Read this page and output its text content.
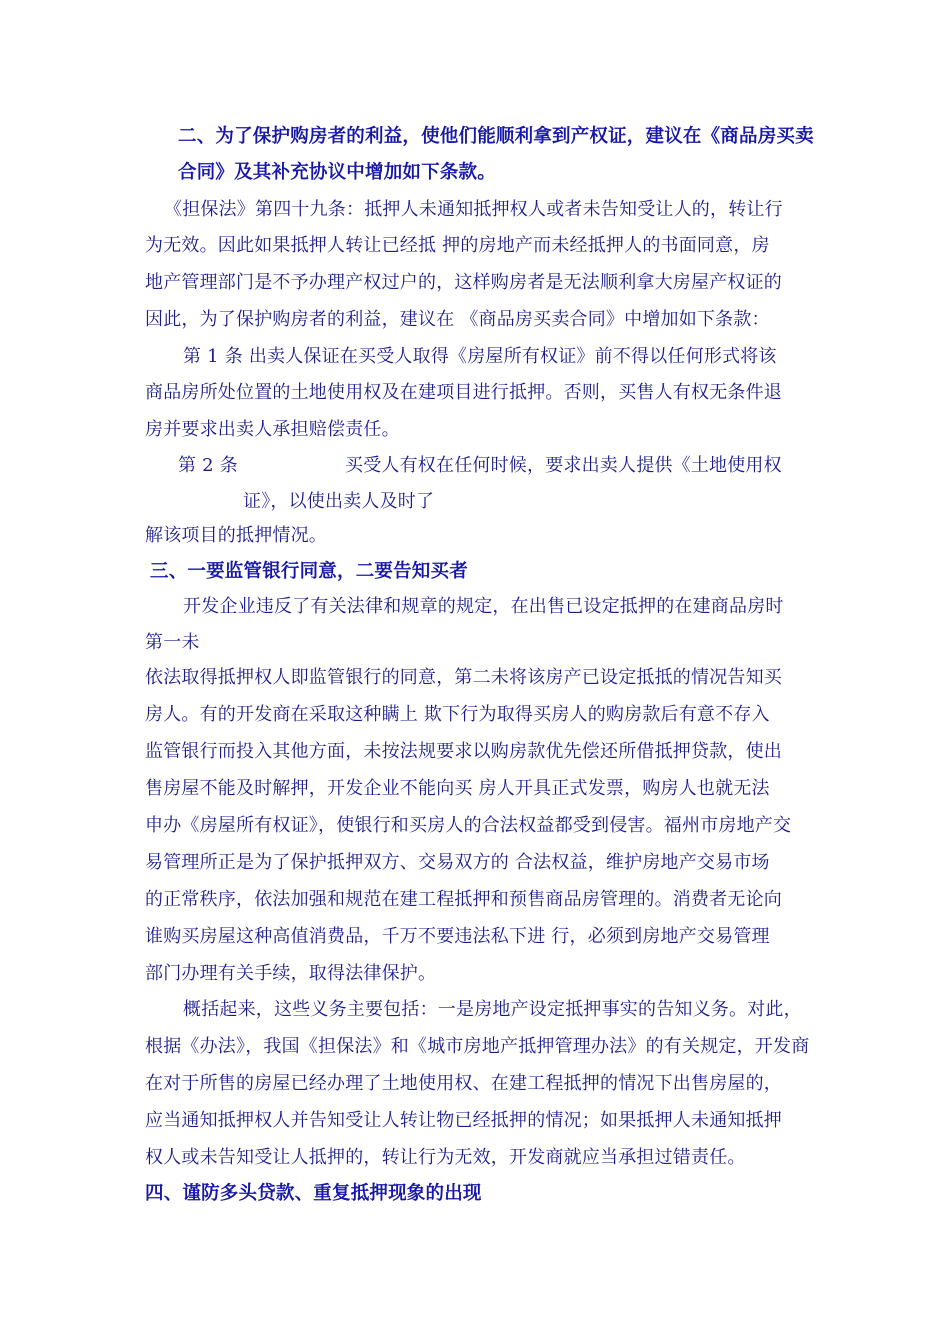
二、为了保护购房者的利益，使他们能顺利拿到产权证，建议在《商品房买卖
合同》及其补充协议中增加如下条款。
《担保法》第四十九条：抵押人未通知抵押权人或者未告知受让人的，转让行
为无效。因此如果抵押人转让已经抵 押的房地产而未经抵押人的书面同意，房
地产管理部门是不予办理产权过户的，这样购房者是无法顺利拿大房屋产权证的
因此，为了保护购房者的利益，建议在 《商品房买卖合同》中增加如下条款：
第 1 条 出卖人保证在买受人取得《房屋所有权证》前不得以任何形式将该
商品房所处位置的土地使用权及在建项目进行抵押。否则，买售人有权无条件退
房并要求出卖人承担赔偿责任。
第 2 条	买受人有权在任何时候，要求出卖人提供《土地使用权
证》，以使出卖人及时了
解该项目的抵押情况。
三、一要监管银行同意，二要告知买者
开发企业违反了有关法律和规章的规定，在出售已设定抵押的在建商品房时
第一未
依法取得抵押权人即监管银行的同意，第二未将该房产已设定抵抵的情况告知买
房人。有的开发商在采取这种瞒上 欺下行为取得买房人的购房款后有意不存入
监管银行而投入其他方面，未按法规要求以购房款优先偿还所借抵押贷款，使出
售房屋不能及时解押，开发企业不能向买 房人开具正式发票，购房人也就无法
申办《房屋所有权证》，使银行和买房人的合法权益都受到侵害。福州市房地产交
易管理所正是为了保护抵押双方、交易双方的 合法权益，维护房地产交易市场
的正常秩序，依法加强和规范在建工程抵押和预售商品房管理的。消费者无论向
谁购买房屋这种高值消费品，千万不要违法私下进 行，必须到房地产交易管理
部门办理有关手续，取得法律保护。
概括起来，这些义务主要包括：一是房地产设定抵押事实的告知义务。对此，
根据《办法》，我国《担保法》和《城市房地产抵押管理办法》的有关规定，开发商
在对于所售的房屋已经办理了土地使用权、在建工程抵押的情况下出售房屋的，
应当通知抵押权人并告知受让人转让物已经抵押的情况；如果抵押人未通知抵押
权人或未告知受让人抵押的，转让行为无效，开发商就应当承担过错责任。
四、谨防多头贷款、重复抵押现象的出现
